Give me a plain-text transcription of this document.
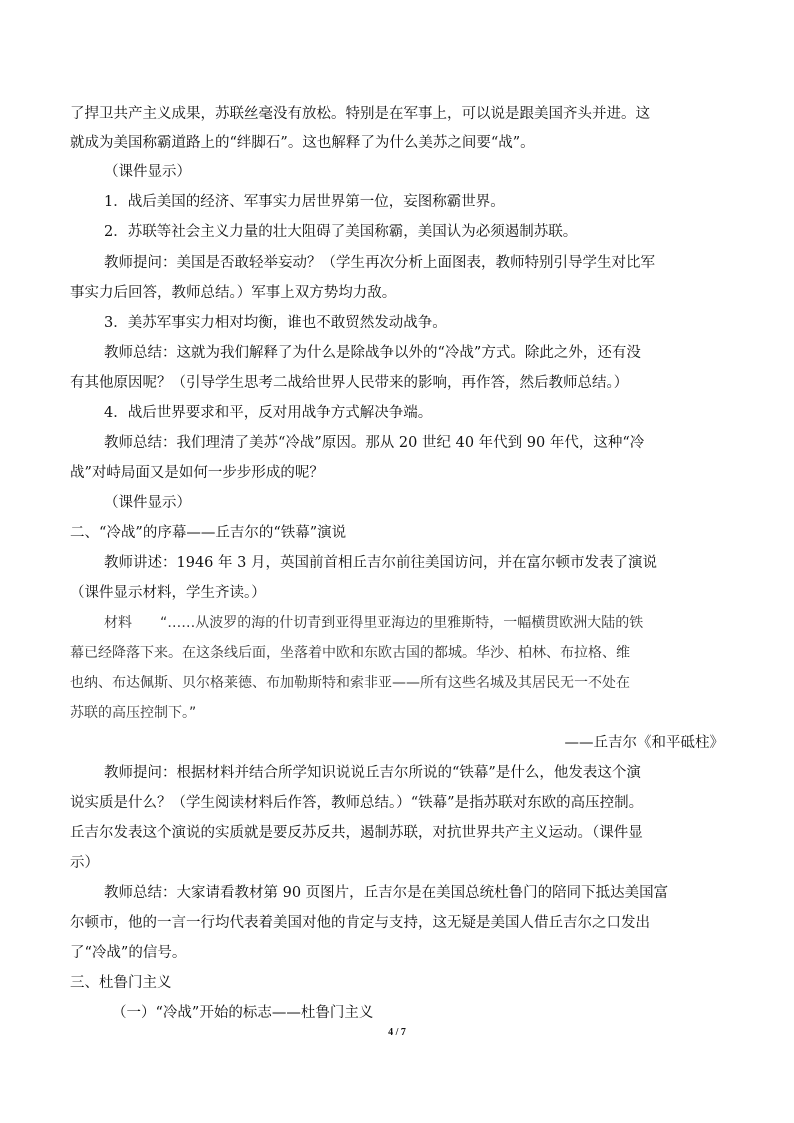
了捍卫共产主义成果，苏联丝毫没有放松。特别是在军事上，可以说是跟美国齐头并进。这
就成为美国称霸道路上的“绊脚石”。这也解释了为什么美苏之间要“战”。
（课件显示）
1．战后美国的经济、军事实力居世界第一位，妄图称霸世界。
2．苏联等社会主义力量的壮大阻碍了美国称霸，美国认为必须遏制苏联。
教师提问：美国是否敢轻举妄动？（学生再次分析上面图表，教师特别引导学生对比军
事实力后回答，教师总结。）军事上双方势均力敌。
3．美苏军事实力相对均衡，谁也不敢贸然发动战争。
教师总结：这就为我们解释了为什么是除战争以外的“冷战”方式。除此之外，还有没
有其他原因呢？（引导学生思考二战给世界人民带来的影响，再作答，然后教师总结。）
4．战后世界要求和平，反对用战争方式解决争端。
教师总结：我们理清了美苏“冷战”原因。那从 20 世纪 40 年代到 90 年代，这种“冷
战”对峙局面又是如何一步步形成的呢？
（课件显示）
二、“冷战”的序幕——丘吉尔的“铁幕”演说
教师讲述：1946 年 3 月，英国前首相丘吉尔前往美国访问，并在富尔顿市发表了演说
（课件显示材料，学生齐读。）
材料　　“……从波罗的海的什切青到亚得里亚海边的里雅斯特，一幅横贯欧洲大陆的铁
幕已经降落下来。在这条线后面，坐落着中欧和东欧古国的都城。华沙、柏林、布拉格、维
也纳、布达佩斯、贝尔格莱德、布加勒斯特和索非亚——所有这些名城及其居民无一不处在
苏联的高压控制下。”
——丘吉尔《和平砥柱》
教师提问：根据材料并结合所学知识说说丘吉尔所说的“铁幕”是什么，他发表这个演
说实质是什么？（学生阅读材料后作答，教师总结。）“铁幕”是指苏联对东欧的高压控制。
丘吉尔发表这个演说的实质就是要反苏反共，遏制苏联，对抗世界共产主义运动。（课件显
示）
教师总结：大家请看教材第 90 页图片，丘吉尔是在美国总统杜鲁门的陪同下抵达美国富
尔顿市，他的一言一行均代表着美国对他的肯定与支持，这无疑是美国人借丘吉尔之口发出
了“冷战”的信号。
三、杜鲁门主义
（一）“冷战”开始的标志——杜鲁门主义
4 / 7
